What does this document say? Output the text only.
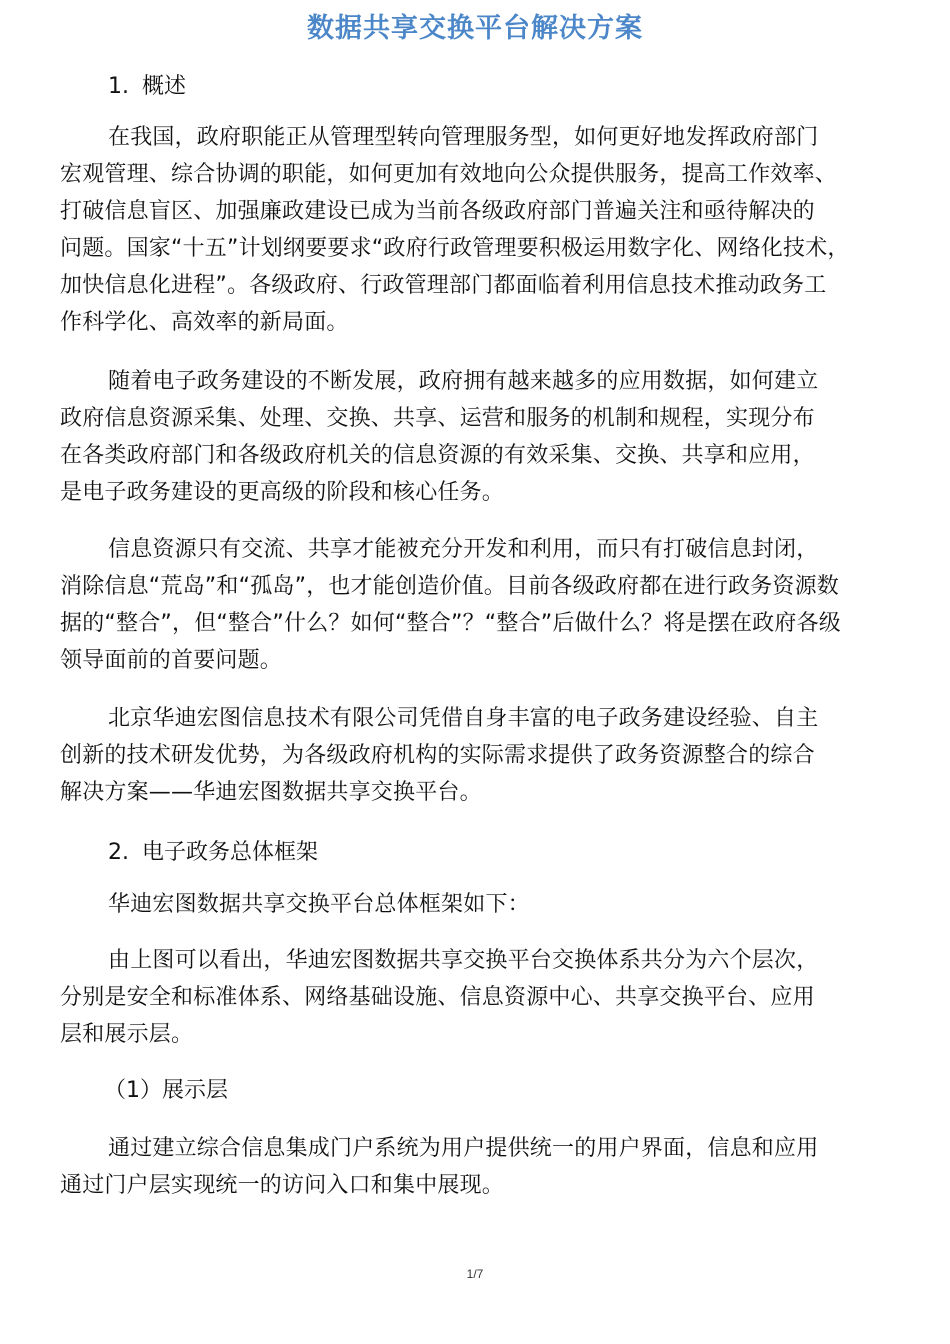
数据共享交换平台解决方案
1. 概述
在我国，政府职能正从管理型转向管理服务型，如何更好地发挥政府部门
宏观管理、综合协调的职能，如何更加有效地向公众提供服务，提高工作效率、
打破信息盲区、加强廉政建设已成为当前各级政府部门普遍关注和亟待解决的
问题。国家“十五”计划纲要要求“政府行政管理要积极运用数字化、网络化技术，
加快信息化进程”。各级政府、行政管理部门都面临着利用信息技术推动政务工
作科学化、高效率的新局面。
随着电子政务建设的不断发展，政府拥有越来越多的应用数据，如何建立
政府信息资源采集、处理、交换、共享、运营和服务的机制和规程，实现分布
在各类政府部门和各级政府机关的信息资源的有效采集、交换、共享和应用，
是电子政务建设的更高级的阶段和核心任务。
信息资源只有交流、共享才能被充分开发和利用，而只有打破信息封闭，
消除信息“荒岛”和“孤岛”，也才能创造价值。目前各级政府都在进行政务资源数
据的“整合”，但“整合”什么？如何“整合”？“整合”后做什么？将是摆在政府各级
领导面前的首要问题。
北京华迪宏图信息技术有限公司凭借自身丰富的电子政务建设经验、自主
创新的技术研发优势，为各级政府机构的实际需求提供了政务资源整合的综合
解决方案——华迪宏图数据共享交换平台。
2. 电子政务总体框架
华迪宏图数据共享交换平台总体框架如下：
由上图可以看出，华迪宏图数据共享交换平台交换体系共分为六个层次，
分别是安全和标准体系、网络基础设施、信息资源中心、共享交换平台、应用
层和展示层。
（1）展示层
通过建立综合信息集成门户系统为用户提供统一的用户界面，信息和应用
通过门户层实现统一的访问入口和集中展现。
1/7
